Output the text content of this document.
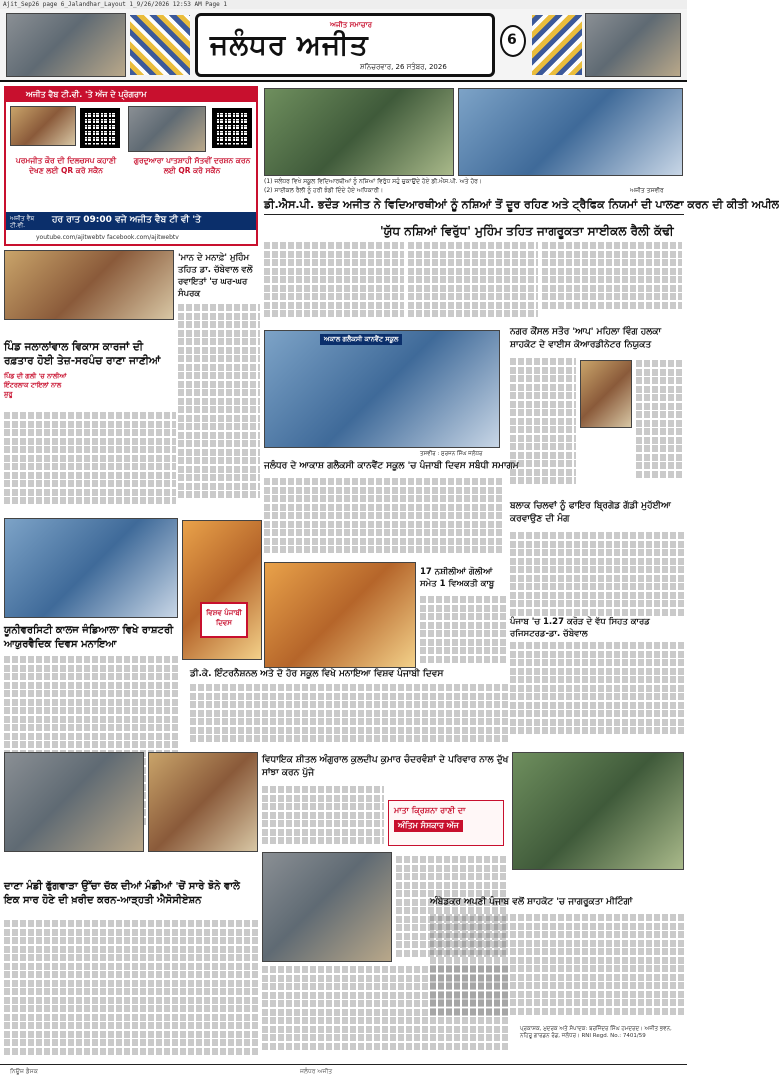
Ajit_Sep26 page 6_Jalandhar_Layout 1_9/26/2026 12:53 AM Page 1
ਅਜੀਤ ਸਮਾਚਾਰ
ਜਲੰਧਰ ਅਜੀਤ
ਸ਼ਨਿਚਰਵਾਰ, 26 ਸਤੰਬਰ, 2026
6
ਅਜੀਤ ਵੈਬ ਟੀ.ਵੀ. 'ਤੇ ਅੱਜ ਦੇ ਪ੍ਰੋਗਰਾਮ
ਪਰਮਜੀਤ ਕੌਰ ਦੀ ਦਿਲਚਸਪ ਕਹਾਣੀ ਦੇਖਣ ਲਈ QR ਕਰੋ ਸਕੈਨ
ਗੁਰਦੁਆਰਾ ਪਾਤਸ਼ਾਹੀ ਸੱਤਵੀਂ ਦਰਸ਼ਨ ਕਰਨ ਲਈ QR ਕਰੋ ਸਕੈਨ
ਅਜੀਤ ਵੈਬ ਟੀ.ਵੀ.
ਹਰ ਰਾਤ 09:00 ਵਜੇ ਅਜੀਤ ਵੈਬ ਟੀ ਵੀ 'ਤੇ
youtube.com/ajitwebtv facebook.com/ajitwebtv
(1) ਜਲੰਧਰ ਵਿਖੇ ਸਕੂਲ ਵਿਦਿਆਰਥੀਆਂ ਨੂੰ ਨਸ਼ਿਆਂ ਵਿਰੁੱਧ ਸਹੁੰ ਚੁਕਾਉਂਦੇ ਹੋਏ ਡੀ.ਐਸ.ਪੀ. ਅਤੇ ਹੋਰ।
(2) ਸਾਈਕਲ ਰੈਲੀ ਨੂੰ ਹਰੀ ਝੰਡੀ ਦਿੰਦੇ ਹੋਏ ਅਧਿਕਾਰੀ।	ਅਜੀਤ ਤਸਵੀਰ
ਡੀ.ਐਸ.ਪੀ. ਭਦੌੜ ਅਜੀਤ ਨੇ ਵਿਦਿਆਰਥੀਆਂ ਨੂੰ ਨਸ਼ਿਆਂ ਤੋਂ ਦੂਰ ਰਹਿਣ ਅਤੇ ਟ੍ਰੈਫਿਕ ਨਿਯਮਾਂ ਦੀ ਪਾਲਣਾ ਕਰਨ ਦੀ ਕੀਤੀ ਅਪੀਲ
'ਯੁੱਧ ਨਸ਼ਿਆਂ ਵਿਰੁੱਧ' ਮੁਹਿੰਮ ਤਹਿਤ ਜਾਗਰੂਕਤਾ ਸਾਈਕਲ ਰੈਲੀ ਕੱਢੀ
'ਮਾਨ ਦੇ ਮਨਾਫ਼ੇ' ਮੁਹਿੰਮ ਤਹਿਤ ਡਾ. ਚੱਬੇਵਾਲ ਵਲੋਂ ਰਵਾਇਤਾਂ 'ਚ ਘਰ-ਘਰ ਸੰਪਰਕ

ਪਿੰਡ ਜਲਾਲਾਂਵਾਲ ਵਿਕਾਸ ਕਾਰਜਾਂ ਦੀ ਰਫ਼ਤਾਰ ਹੋਈ ਤੇਜ਼-ਸਰਪੰਚ ਰਾਣਾ ਜਾਣੀਆਂ
ਪਿੰਡ ਦੀ ਗਲੀ 'ਚ ਨਾਲੀਆਂ ਇੰਟਰਲਾਕ ਟਾਇਲਾਂ ਨਾਲ ਸ਼ੁਰੂ

ਯੂਨੀਵਰਸਿਟੀ ਕਾਲਜ ਜੰਡਿਆਲਾ ਵਿਖੇ ਰਾਸ਼ਟਰੀ ਆਯੁਰਵੈਦਿਕ ਦਿਵਸ ਮਨਾਇਆ

ਵਿਸ਼ਵ ਪੰਜਾਬੀ ਦਿਵਸ

ਅਕਾਲ ਗਲੈਕਸੀ ਕਾਨਵੈਂਟ ਸਕੂਲ
ਤਸਵੀਰ : ਸੁਰਜਨ ਸਿੰਘ ਜਲੰਧਰ
ਜਲੰਧਰ ਦੇ ਆਕਾਸ਼ ਗਲੈਕਸੀ ਕਾਨਵੈਂਟ ਸਕੂਲ 'ਚ ਪੰਜਾਬੀ ਦਿਵਸ ਸਬੰਧੀ ਸਮਾਗਮ

ਨਗਰ ਕੌਂਸਲ ਸਤੌਰ 'ਆਪ' ਮਹਿਲਾ ਵਿੰਗ ਹਲਕਾ ਸ਼ਾਹਕੋਟ ਦੇ ਵਾਈਸ ਕੋਆਰਡੀਨੇਟਰ ਨਿਯੁਕਤ

17 ਨਸ਼ੀਲੀਆਂ ਗੋਲੀਆਂ ਸਮੇਤ 1 ਵਿਅਕਤੀ ਕਾਬੂ

ਬਲਾਕ ਚਿਲਵਾਂ ਨੂੰ ਫਾਇਰ ਬ੍ਰਿਗੇਡ ਗੱਡੀ ਮੁਹੱਈਆ ਕਰਵਾਉਣ ਦੀ ਮੰਗ

ਪੰਜਾਬ 'ਚ 1.27 ਕਰੋੜ ਦੇ ਵੱਧ ਸਿਹਤ ਕਾਰਡ ਰਜਿਸਟਰਡ-ਡਾ. ਚੱਬੇਵਾਲ

ਡੀ.ਕੇ. ਇੰਟਰਨੈਸ਼ਨਲ ਅਤੇ ਦੋ ਹੋਰ ਸਕੂਲ ਵਿਖੇ ਮਨਾਇਆ ਵਿਸ਼ਵ ਪੰਜਾਬੀ ਦਿਵਸ

ਵਿਧਾਇਕ ਸ਼ੀਤਲ ਅੰਗੁਰਾਲ ਕੁਲਦੀਪ ਕੁਮਾਰ ਚੰਦਰਵੰਸ਼ਾਂ ਦੇ ਪਰਿਵਾਰ ਨਾਲ ਦੁੱਖ ਸਾਂਝਾ ਕਰਨ ਪੁੱਜੇ

ਮਾਤਾ ਕ੍ਰਿਸ਼ਨਾ ਰਾਣੀ ਦਾ
ਅੰਤਿਮ ਸੰਸਕਾਰ ਅੱਜ
ਦਾਣਾ ਮੰਡੀ ਫੁੱਗਵਾੜਾ ਉੱਚਾ ਚੱਕ ਦੀਆਂ ਮੰਡੀਆਂ 'ਚੋਂ ਸਾਰੇ ਝੋਨੇ ਵਾਲੇ ਇਕ ਸਾਰ ਹੋਣੇ ਦੀ ਖ਼ਰੀਦ ਕਰਨ-ਆੜ੍ਹਤੀ ਐਸੋਸੀਏਸ਼ਨ	ਅੰਬੇਡਕਰ ਅਪਣੀ ਪੰਜਾਬ ਵਲੋਂ ਸ਼ਾਹਕੋਟ 'ਚ ਜਾਗਰੂਕਤਾ ਮੀਟਿੰਗਾਂ

ਪ੍ਰਕਾਸ਼ਕ, ਮੁਦਰਕ ਅਤੇ ਸੰਪਾਦਕ: ਬਰਜਿੰਦਰ ਸਿੰਘ ਹਮਦਰਦ। ਅਜੀਤ ਭਵਨ, ਨਹਿਰੂ ਗਾਰਡਨ ਰੋਡ, ਜਲੰਧਰ। RNI Regd. No.: 7401/59
ਨਿਊਜ਼ ਡੈਸਕ	ਜਲੰਧਰ ਅਜੀਤ
